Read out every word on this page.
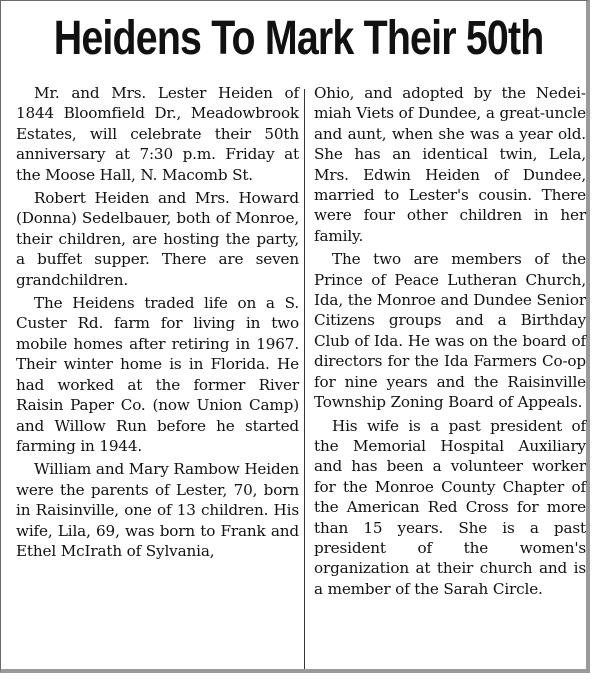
Heidens To Mark Their 50th

Mr. and Mrs. Lester Heiden of 1844 Bloomfield Dr., Meadowbrook Estates, will celebrate their 50th anniversary at 7:30 p.m. Friday at the Moose Hall, N. Macomb St.

Robert Heiden and Mrs. Howard (Donna) Sedelbauer, both of Monroe, their children, are hosting the party, a buffet supper. There are seven grandchildren.

The Heidens traded life on a S. Custer Rd. farm for living in two mobile homes after retiring in 1967. Their winter home is in Florida. He had worked at the former River Raisin Paper Co. (now Union Camp) and Willow Run before he started farming in 1944.

William and Mary Rambow Heiden were the parents of Lester, 70, born in Raisinville, one of 13 children. His wife, Lila, 69, was born to Frank and Ethel McIrath of Sylvania,

Ohio, and adopted by the Nedeimiah Viets of Dundee, a great-uncle and aunt, when she was a year old. She has an identical twin, Lela, Mrs. Edwin Heiden of Dundee, married to Lester's cousin. There were four other children in her family.

The two are members of the Prince of Peace Lutheran Church, Ida, the Monroe and Dundee Senior Citizens groups and a Birthday Club of Ida. He was on the board of directors for the Ida Farmers Co-op for nine years and the Raisinville Township Zoning Board of Appeals.

His wife is a past president of the Memorial Hospital Auxiliary and has been a volunteer worker for the Monroe County Chapter of the American Red Cross for more than 15 years. She is a past president of the women's organization at their church and is a member of the Sarah Circle.
